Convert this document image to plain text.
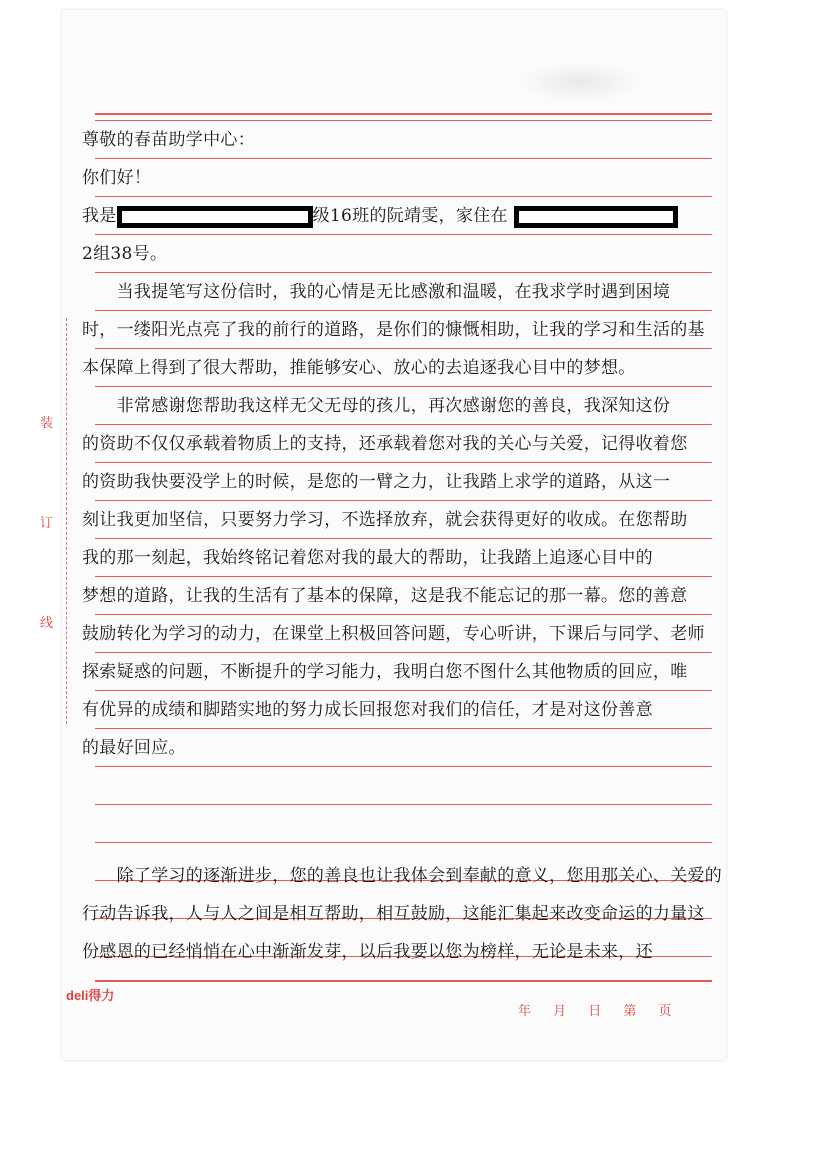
装
订
线
尊敬的春苗助学中心：
你们好！
我是	级16班的阮靖雯，家住在
2组38号。
　　当我提笔写这份信时，我的心情是无比感激和温暖，在我求学时遇到困境
时，一缕阳光点亮了我的前行的道路，是你们的慷慨相助，让我的学习和生活的基
本保障上得到了很大帮助，推能够安心、放心的去追逐我心目中的梦想。
　　非常感谢您帮助我这样无父无母的孩儿，再次感谢您的善良，我深知这份
的资助不仅仅承载着物质上的支持，还承载着您对我的关心与关爱，记得收着您
的资助我快要没学上的时候，是您的一臂之力，让我踏上求学的道路，从这一
刻让我更加坚信，只要努力学习，不选择放弃，就会获得更好的收成。在您帮助
我的那一刻起，我始终铭记着您对我的最大的帮助，让我踏上追逐心目中的
梦想的道路，让我的生活有了基本的保障，这是我不能忘记的那一幕。您的善意
鼓励转化为学习的动力，在课堂上积极回答问题，专心听讲，下课后与同学、老师
探索疑惑的问题，不断提升的学习能力，我明白您不图什么其他物质的回应，唯
有优异的成绩和脚踏实地的努力成长回报您对我们的信任，才是对这份善意
的最好回应。
　　除了学习的逐渐进步，您的善良也让我体会到奉献的意义，您用那关心、关爱的
行动告诉我，人与人之间是相互帮助，相互鼓励，这能汇集起来改变命运的力量这
份感恩的已经悄悄在心中渐渐发芽，以后我要以您为榜样，无论是未来，还
deli得力
年 月 日 第 页
